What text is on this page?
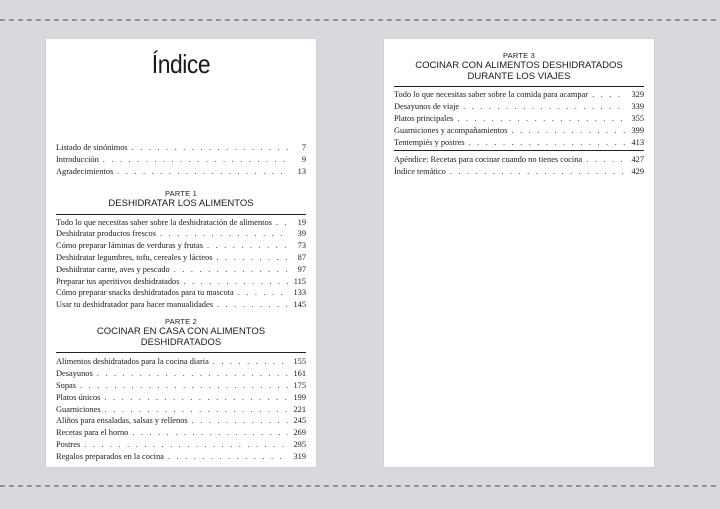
Índice
Listado de sinónimos . . .	7
Introducción . . .	9
Agradecimientos . . .	13
PARTE 1
DESHIDRATAR LOS ALIMENTOS
Todo lo que necesitas saber sobre la deshidratación de alimentos . . .	19
Deshidratar productos frescos . . .	39
Cómo preparar láminas de verduras y frutas . . .	73
Deshidratar legumbres, tofu, cereales y lácteos . . .	87
Deshidratar carne, aves y pescado . . .	97
Preparar tus aperitivos deshidratados . . .	115
Cómo preparar snacks deshidratados para tu mascota . . .	133
Usar tu deshidratador para hacer manualidades . . .	145
PARTE 2
COCINAR EN CASA CON ALIMENTOS
DESHIDRATADOS
Alimentos deshidratados para la cocina diaria . . .	155
Desayunos . . .	161
Sopas . . .	175
Platos únicos . . .	199
Guarniciones . . .	221
Aliños para ensaladas, salsas y rellenos . . .	245
Recetas para el horno . . .	269
Postres . . .	295
Regalos preparados en la cocina . . .	319
PARTE 3
COCINAR CON ALIMENTOS DESHIDRATADOS
DURANTE LOS VIAJES
Todo lo que necesitas saber sobre la comida para acampar . . .	329
Desayunos de viaje . . .	339
Platos principales . . .	355
Guarniciones y acompañamientos . . .	399
Tentempiés y postres . . .	413
Apéndice: Recetas para cocinar cuando no tienes cocina . . .	427
Índice temático . . .	429
